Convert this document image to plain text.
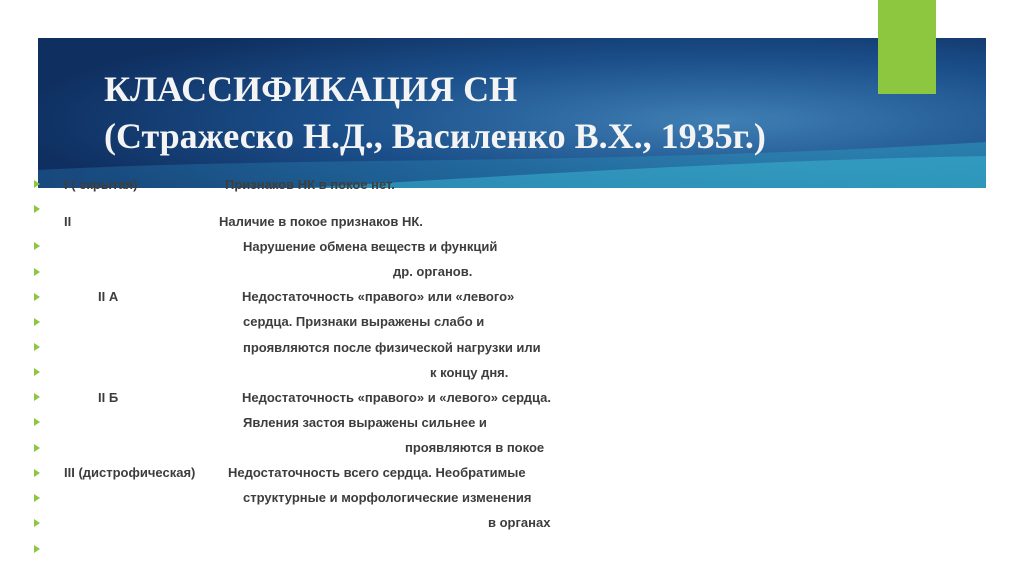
КЛАССИФИКАЦИЯ СН
(Стражеско Н.Д., Василенко В.Х., 1935г.)
I ( скрытая)	Признаков НК в покое нет.
II	Наличие в покое признаков НК.
Нарушение обмена веществ и функций
др. органов.
II А	Недостаточность «правого» или «левого»
сердца. Признаки выражены слабо и
проявляются после физической нагрузки или
к концу дня.
II Б	Недостаточность «правого» и «левого» сердца.
Явления застоя выражены сильнее и
проявляются в покое
III (дистрофическая)	Недостаточность всего сердца. Необратимые
структурные и морфологические изменения
в органах
